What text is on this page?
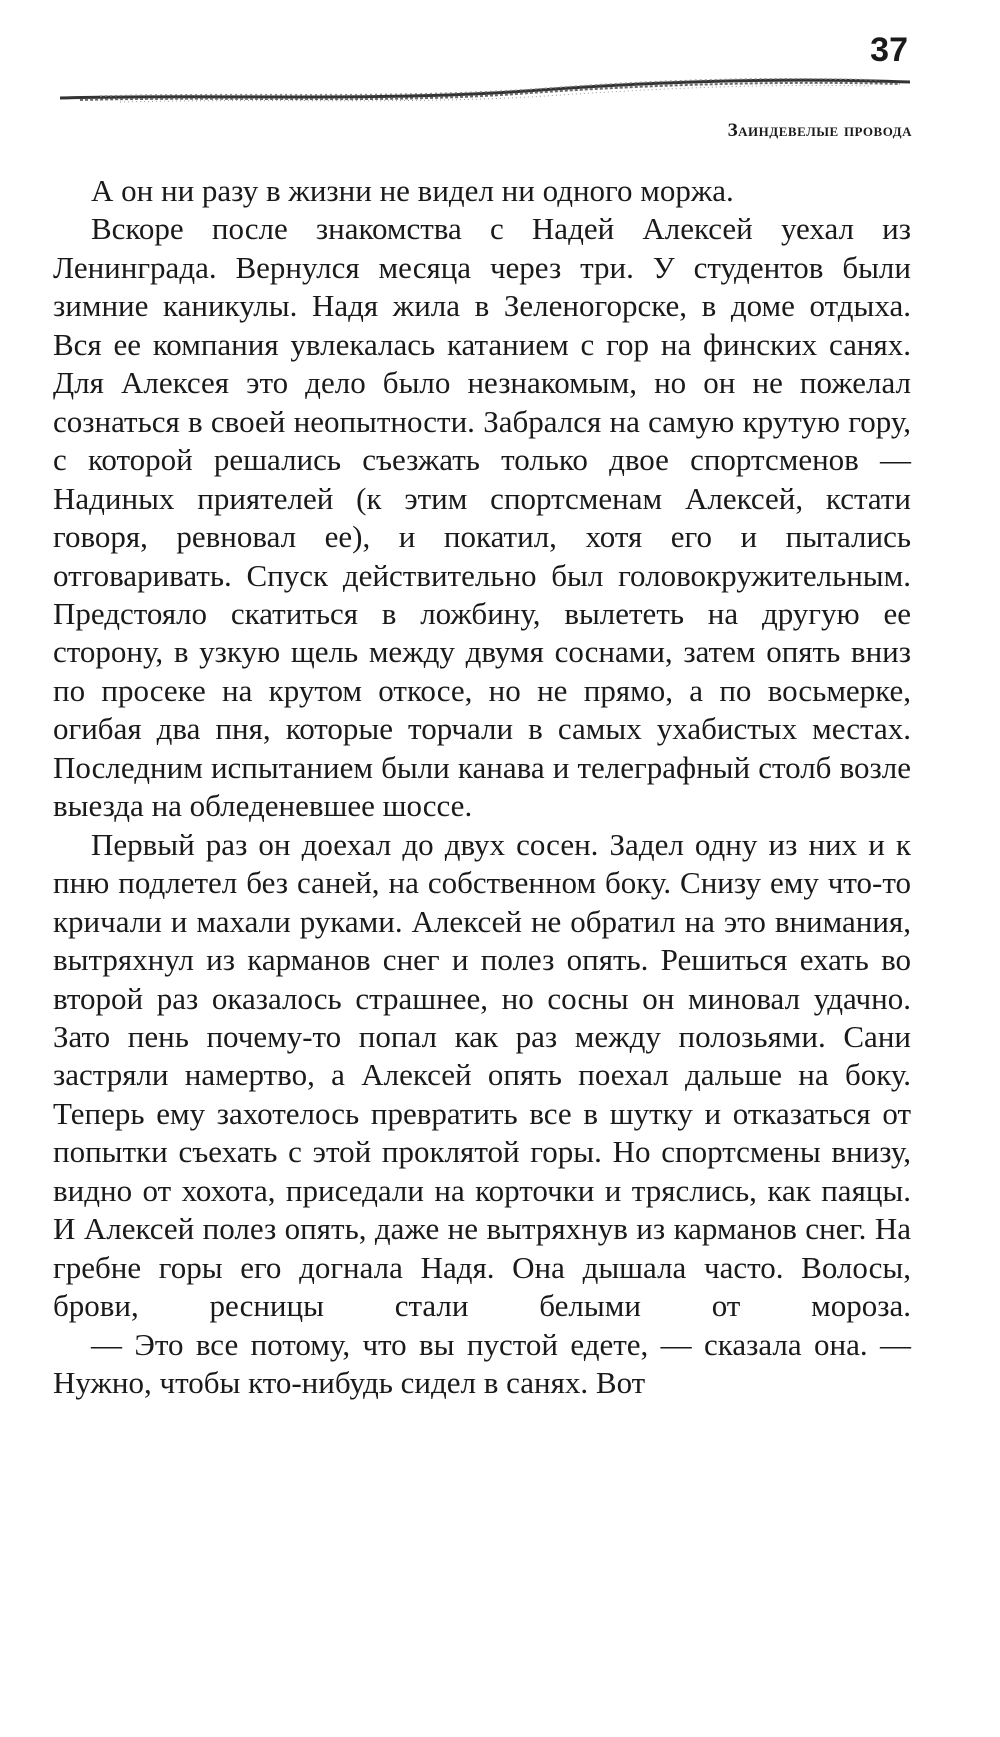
37
Заиндевелые провода

А он ни разу в жизни не видел ни одного моржа.

Вскоре после знакомства с Надей Алексей уехал из Ленинграда. Вернулся месяца через три. У студентов были зимние каникулы. Надя жила в Зеленогорске, в доме отдыха. Вся ее компания увлекалась катанием с гор на финских санях. Для Алексея это дело было незнакомым, но он не пожелал сознаться в своей неопытности. Забрался на самую крутую гору, с которой решались съезжать только двое спортсменов — Надиных приятелей (к этим спортсменам Алексей, кстати говоря, ревновал ее), и покатил, хотя его и пытались отговаривать. Спуск действительно был головокружительным. Предстояло скатиться в ложбину, вылететь на другую ее сторону, в узкую щель между двумя соснами, затем опять вниз по просеке на крутом откосе, но не прямо, а по восьмерке, огибая два пня, которые торчали в самых ухабистых местах. Последним испытанием были канава и телеграфный столб возле выезда на обледеневшее шоссе.

Первый раз он доехал до двух сосен. Задел одну из них и к пню подлетел без саней, на собственном боку. Снизу ему что-то кричали и махали руками. Алексей не обратил на это внимания, вытряхнул из карманов снег и полез опять. Решиться ехать во второй раз оказалось страшнее, но сосны он миновал удачно. Зато пень почему-то попал как раз между полозьями. Сани застряли намертво, а Алексей опять поехал дальше на боку. Теперь ему захотелось превратить все в шутку и отказаться от попытки съехать с этой проклятой горы. Но спортсмены внизу, видно от хохота, приседали на корточки и тряслись, как паяцы. И Алексей полез опять, даже не вытряхнув из карманов снег. На гребне горы его догнала Надя. Она дышала часто. Волосы, брови, ресницы стали белыми от мороза.

— Это все потому, что вы пустой едете, — сказала она. — Нужно, чтобы кто-нибудь сидел в санях. Вот
